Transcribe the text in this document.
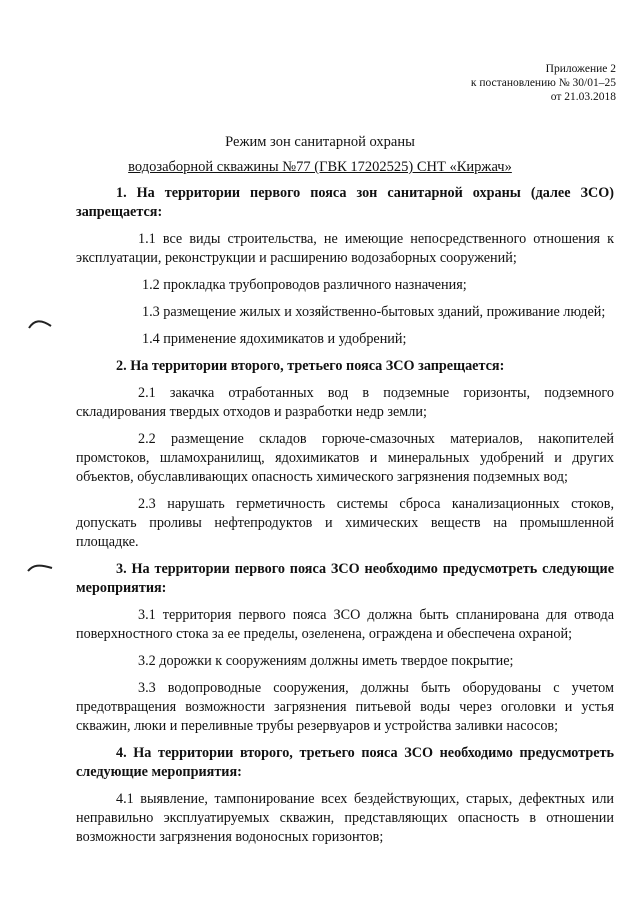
Приложение 2
к постановлению № 30/01–25
от 21.03.2018
Режим зон санитарной охраны
водозаборной скважины №77 (ГВК 17202525) СНТ «Киржач»

1. На территории первого пояса зон санитарной охраны (далее ЗСО) запрещается:

1.1 все виды строительства, не имеющие непосредственного отношения к эксплуатации, реконструкции и расширению водозаборных сооружений;

1.2 прокладка трубопроводов различного назначения;

1.3 размещение жилых и хозяйственно-бытовых зданий, проживание людей;

1.4 применение ядохимикатов и удобрений;

2. На территории второго, третьего пояса ЗСО запрещается:

2.1 закачка отработанных вод в подземные горизонты, подземного складирования твердых отходов и разработки недр земли;

2.2 размещение складов горюче-смазочных материалов, накопителей промстоков, шламохранилищ, ядохимикатов и минеральных удобрений и других объектов, обуславливающих опасность химического загрязнения подземных вод;

2.3 нарушать герметичность системы сброса канализационных стоков, допускать проливы нефтепродуктов и химических веществ на промышленной площадке.

3. На территории первого пояса ЗСО необходимо предусмотреть следующие мероприятия:

3.1 территория первого пояса ЗСО должна быть спланирована для отвода поверхностного стока за ее пределы, озеленена, ограждена и обеспечена охраной;

3.2 дорожки к сооружениям должны иметь твердое покрытие;

3.3 водопроводные сооружения, должны быть оборудованы с учетом предотвращения возможности загрязнения питьевой воды через оголовки и устья скважин, люки и переливные трубы резервуаров и устройства заливки насосов;

4. На территории второго, третьего пояса ЗСО необходимо предусмотреть следующие мероприятия:

4.1 выявление, тампонирование всех бездействующих, старых, дефектных или неправильно эксплуатируемых скважин, представляющих опасность в отношении возможности загрязнения водоносных горизонтов;
